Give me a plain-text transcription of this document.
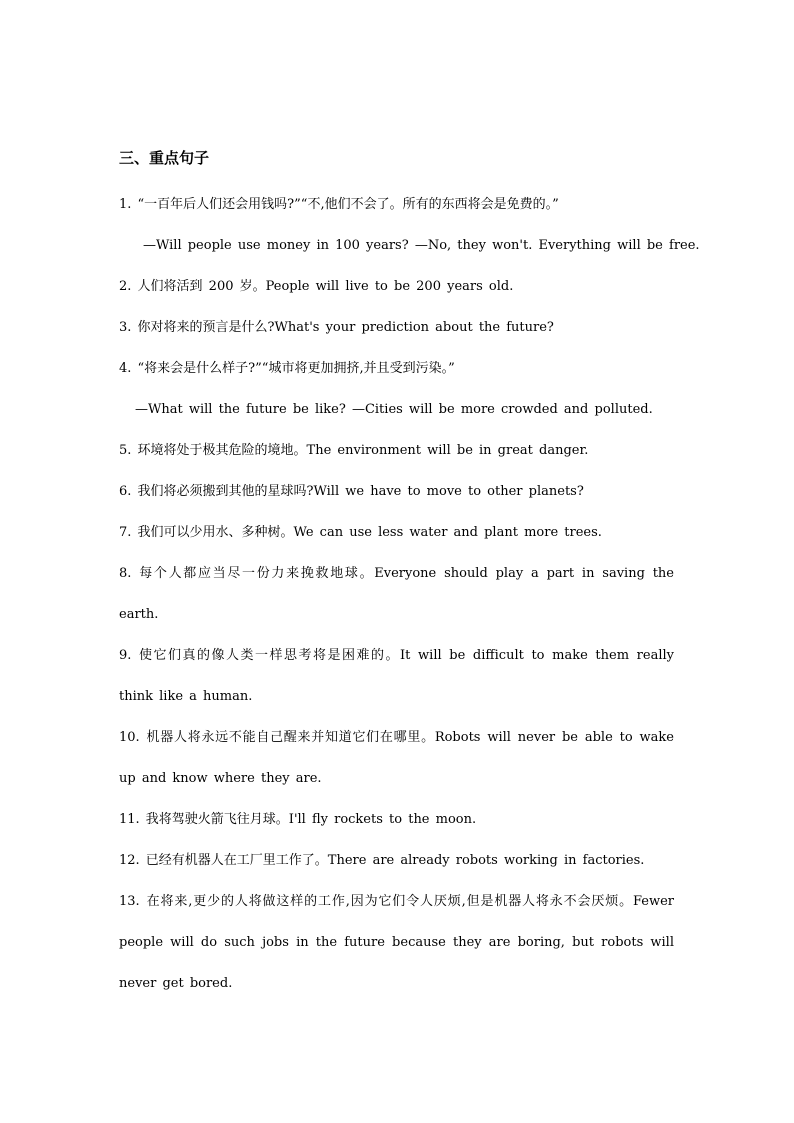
三、重点句子

1. “一百年后人们还会用钱吗?”“不,他们不会了。所有的东西将会是免费的。”

—Will people use money in 100 years? —No, they won't. Everything will be free.

2. 人们将活到 200 岁。People will live to be 200 years old.

3. 你对将来的预言是什么?What's your prediction about the future?

4. “将来会是什么样子?”“城市将更加拥挤,并且受到污染。”

—What will the future be like? —Cities will be more crowded and polluted.

5. 环境将处于极其危险的境地。The environment will be in great danger.

6. 我们将必须搬到其他的星球吗?Will we have to move to other planets?

7. 我们可以少用水、多种树。We can use less water and plant more trees.

8. 每个人都应当尽一份力来挽救地球。Everyone should play a part in saving the earth.

9. 使它们真的像人类一样思考将是困难的。It will be difficult to make them really think like a human.

10. 机器人将永远不能自己醒来并知道它们在哪里。Robots will never be able to wake up and know where they are.

11. 我将驾驶火箭飞往月球。I'll fly rockets to the moon.

12. 已经有机器人在工厂里工作了。There are already robots working in factories.

13. 在将来,更少的人将做这样的工作,因为它们令人厌烦,但是机器人将永不会厌烦。Fewer people will do such jobs in the future because they are boring, but robots will never get bored.
